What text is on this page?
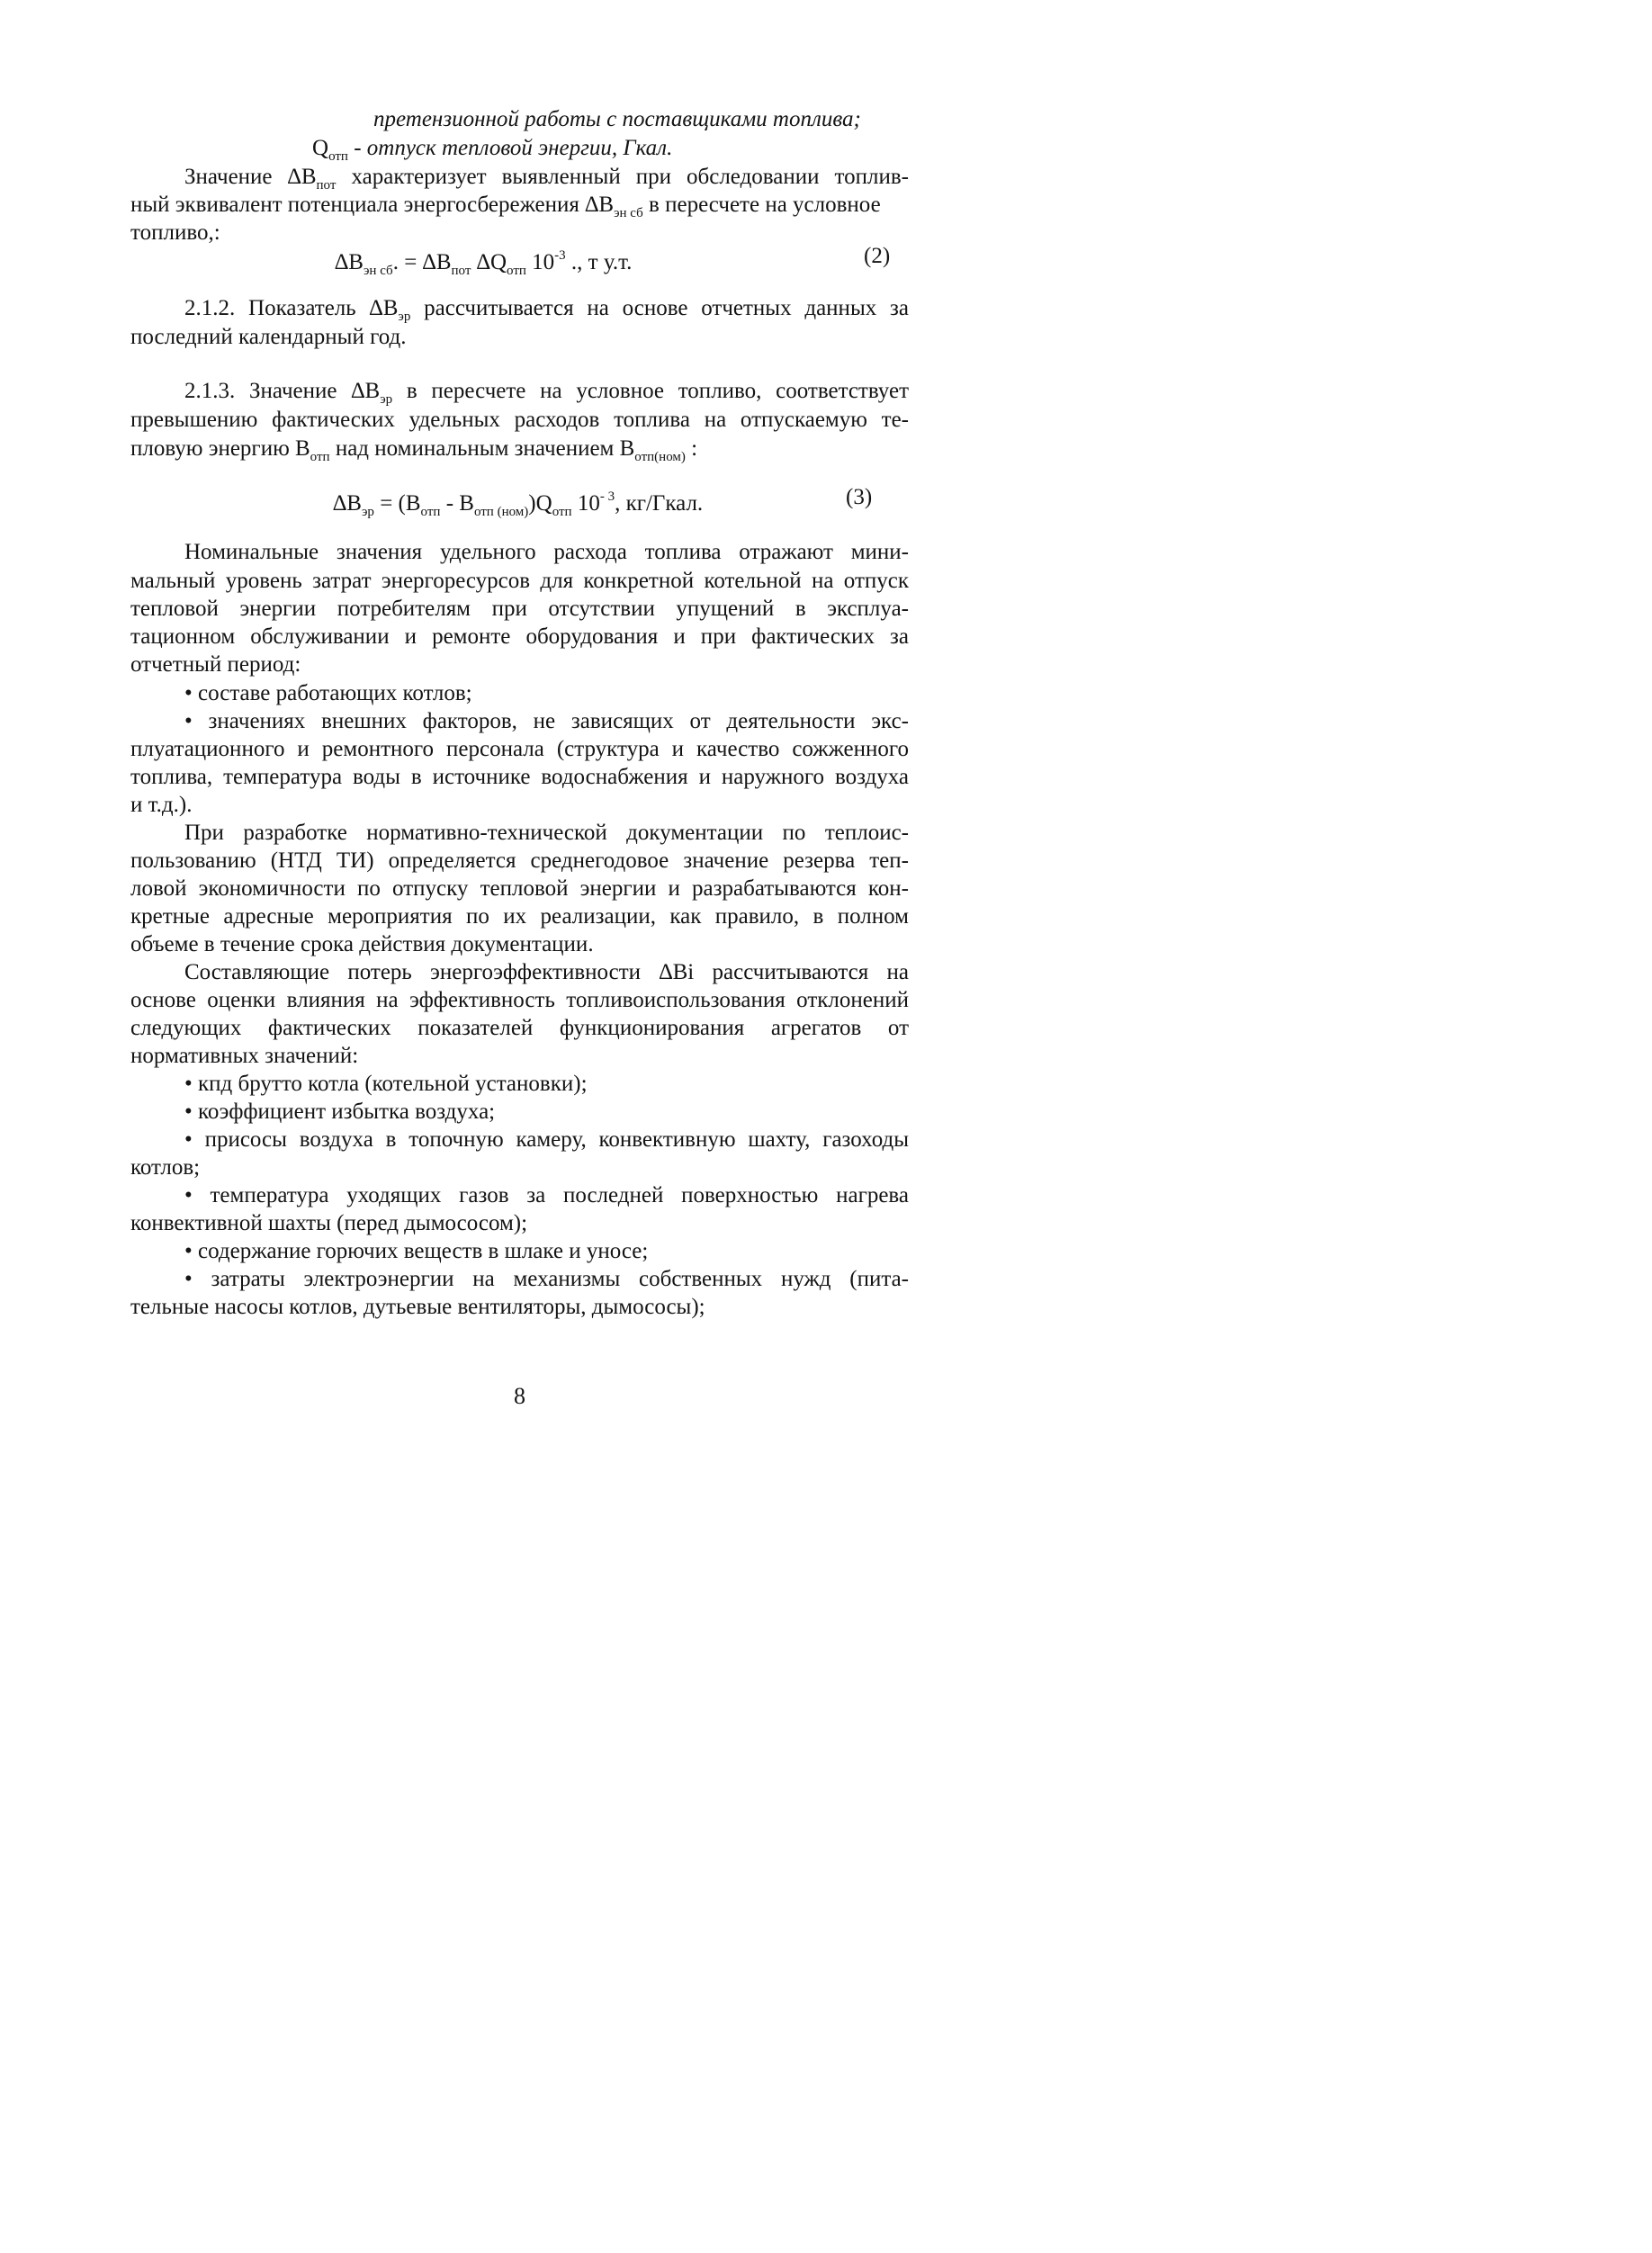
претензионной работы с поставщиками топлива;
$Q_{отп}$ - отпуск тепловой энергии, Гкал.
Значение $\Delta В_{пот}$ характеризует выявленный при обследовании топлив-
ный эквивалент потенциала энергосбережения $\Delta В_{эн сб}$ в пересчете на условное
топливо,:
$\Delta В_{эн сб}$. = $\Delta В_{пот}$ $\Delta Q_{отп}$ $10^{-3}$ ., т у.т.	(2)
2.1.2. Показатель $\Delta В_{эр}$ рассчитывается на основе отчетных данных за
последний календарный год.
2.1.3. Значение $\Delta В_{эр}$ в пересчете на условное топливо, соответствует
превышению фактических удельных расходов топлива на отпускаемую те-
пловую энергию $В_{отп}$ над номинальным значением $В_{отп(ном)}$ :
$\Delta В_{эр} = (В_{отп} - В_{отп (ном)})Q_{отп}$ $10^{- 3}$, кг/Гкал.	(3)
Номинальные значения удельного расхода топлива отражают мини-
мальный уровень затрат энергоресурсов для конкретной котельной на отпуск
тепловой энергии потребителям при отсутствии упущений в эксплуа-
тационном обслуживании и ремонте оборудования и при фактических за
отчетный период:
• составе работающих котлов;
• значениях внешних факторов, не зависящих от деятельности экс-
плуатационного и ремонтного персонала (структура и качество сожженного
топлива, температура воды в источнике водоснабжения и наружного воздуха
и т.д.).
При разработке нормативно-технической документации по теплоис-
пользованию (НТД ТИ) определяется среднегодовое значение резерва теп-
ловой экономичности по отпуску тепловой энергии и разрабатываются кон-
кретные адресные мероприятия по их реализации, как правило, в полном
объеме в течение срока действия документации.
Составляющие потерь энергоэффективности ∆Вi рассчитываются на
основе оценки влияния на эффективность топливоиспользования отклонений
следующих фактических показателей функционирования агрегатов от
нормативных значений:
• кпд брутто котла (котельной установки);
• коэффициент избытка воздуха;
• присосы воздуха в топочную камеру, конвективную шахту, газоходы
котлов;
• температура уходящих газов за последней поверхностью нагрева
конвективной шахты (перед дымососом);
• содержание горючих веществ в шлаке и уносе;
• затраты электроэнергии на механизмы собственных нужд (пита-
тельные насосы котлов, дутьевые вентиляторы, дымососы);
8
